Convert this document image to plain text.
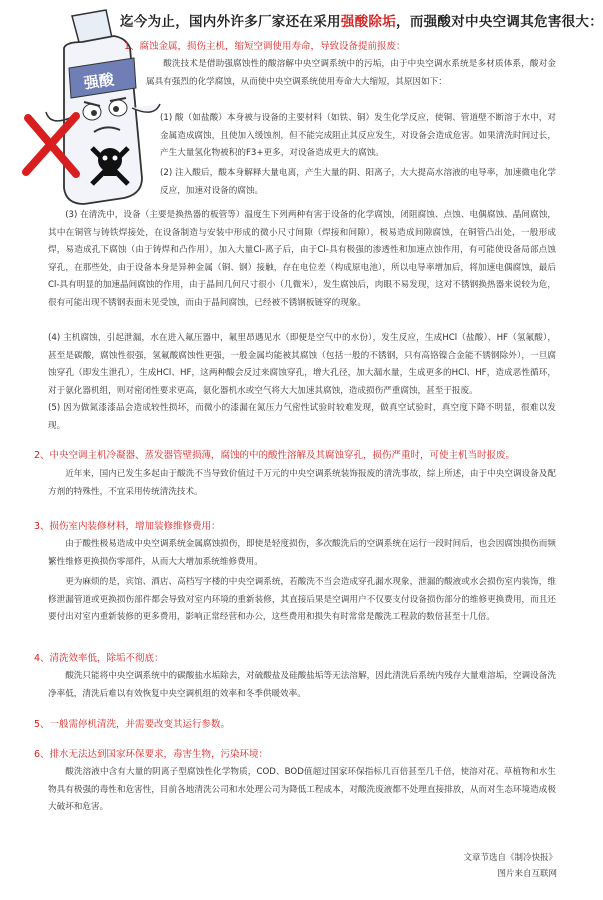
强酸
迄今为止，国内外许多厂家还在采用强酸除垢，而强酸对中央空调其危害很大：
1、腐蚀金属，损伤主机，缩短空调使用寿命，导致设备提前报废：

酸洗技术是借助强腐蚀性的酸溶解中央空调系统中的污垢，由于中央空调水系统是多材质体系，酸对金属具有强烈的化学腐蚀，从而使中央空调系统使用寿命大大缩短，其原因如下：

(1) 酸（如盐酸）本身被与设备的主要材料（如铁、铜）发生化学反应，使铜、管道壁不断溶于水中，对金属造成腐蚀，且使加入缓蚀剂，但不能完成阻止其反应发生，对设备会造成危害。如果清洗时间过长，产生大量氢化物被积的F3+更多，对设备造成更大的腐蚀。

(2) 注入酸后，酸本身解释大量电离，产生大量的阴、阳离子，大大提高水溶液的电导率，加速微电化学反应，加速对设备的腐蚀。

(3) 在清洗中，设备（主要是换热器的板管等）温度生下列两种有害于设备的化学腐蚀，闭阻腐蚀、点蚀、电偶腐蚀、晶间腐蚀，其中在铜管与铸铁焊接处，在设备制造与安装中形成的微小尺寸间隙（焊接和间隙），极易造成间隙腐蚀，在铜管凸出处，一般形成焊，易造成孔下腐蚀（由于铸焊和凸作用），加入大量Cl-离子后，由于Cl-具有极强的渗透性和加速点蚀作用，有可能使设备局部点蚀穿孔，在那些处，由于设备本身是异种金属（铜、钢）接触，存在电位差（构成原电池），所以电导率增加后，将加速电偶腐蚀，最后Cl-具有明显的加速晶间腐蚀的作用，由于晶间几何尺寸很小（几微米），发生腐蚀后，肉眼不易发现，这对不锈钢换热器来说较为危，很有可能出现不锈钢表面未见受蚀，而由于晶间腐蚀，已经被不锈钢板链穿的现象。

(4) 主机腐蚀，引起泄漏，水在进入氟压器中，氟里昂遇见水（即便是空气中的水份），发生反应，生成HCl（盐酸）、HF（氢氟酸），甚至是碳酸，腐蚀性很强，氢氟酸腐蚀性更强，一般金属均能被其腐蚀（包括一般的不锈钢，只有高铬镍合金能不锈钢除外），一旦腐蚀穿孔（即发生泄孔），生成HCl、HF，这两种酸会反过来腐蚀穿孔，增大孔径，加大漏水量，生成更多的HCl、HF，造成恶性循环，对于氨化器机组，则对密闭性要求更高，氨化器机水或空气将大大加速其腐蚀，造成损伤严重腐蚀，甚至于报废。

(5) 因为做氮漆漆品会造成较性损坏，而微小的漆漏在氮压力气密性试验时较难发现，做真空试验时，真空度下降不明显，很难以发现。

2、中央空调主机冷凝器、蒸发器管壁损薄，腐蚀的中的酸性溶解及其腐蚀穿孔，损伤严重时，可使主机当时报废。

近年来，国内已发生多起由于酸洗不当导致价值过千万元的中央空调系统装饰报废的清洗事故，综上所述，由于中央空调设备及配方剂的特殊性，不宜采用传统清洗技术。

3、损伤室内装修材料，增加装修维修费用：

由于酸性极易造成中央空调系统金属腐蚀损伤，即使是轻度损伤，多次酸洗后的空调系统在运行一段时间后，也会因腐蚀损伤而频繁性维修更换损伤零部件，从而大大增加系统维修费用。

更为麻烦的是，宾馆、酒店、高档写字楼的中央空调系统，若酸洗不当会造成穿孔漏水现象，泄漏的酸液或水会损伤室内装饰，维修泄漏管道或更换损伤部件都会导致对室内环境的重新装修，其直接后果是空调用户不仅要支付设备损伤部分的维修更换费用，而且还要付出对室内重新装修的更多费用，影响正常经营和办公，这些费用和损失有时常常是酸洗工程款的数倍甚至十几倍。

4、清洗效率低，除垢不彻底：

酸洗只能将中央空调系统中的碳酸盐水垢除去，对硫酸盐及硅酸盐垢等无法溶解，因此清洗后系统内残存大量难溶垢，空调设备洗净率低，清洗后难以有效恢复中央空调机组的效率和冬季供暖效率。

5、一般需停机清洗，并需要改变其运行参数。
6、排水无法达到国家环保要求，毒害生物，污染环境：

酸洗溶液中含有大量的阴离子型腐蚀性化学物质，COD、BOD值超过国家环保指标几百倍甚至几千倍，使溶对花、草植物和水生物具有极强的毒性和危害性，目前各地清洗公司和水处理公司为降低工程成本，对酸洗废液都不处理直接排放，从而对生态环境造成极大破坏和危害。

文章节选自《制冷快报》
图片来自互联网
